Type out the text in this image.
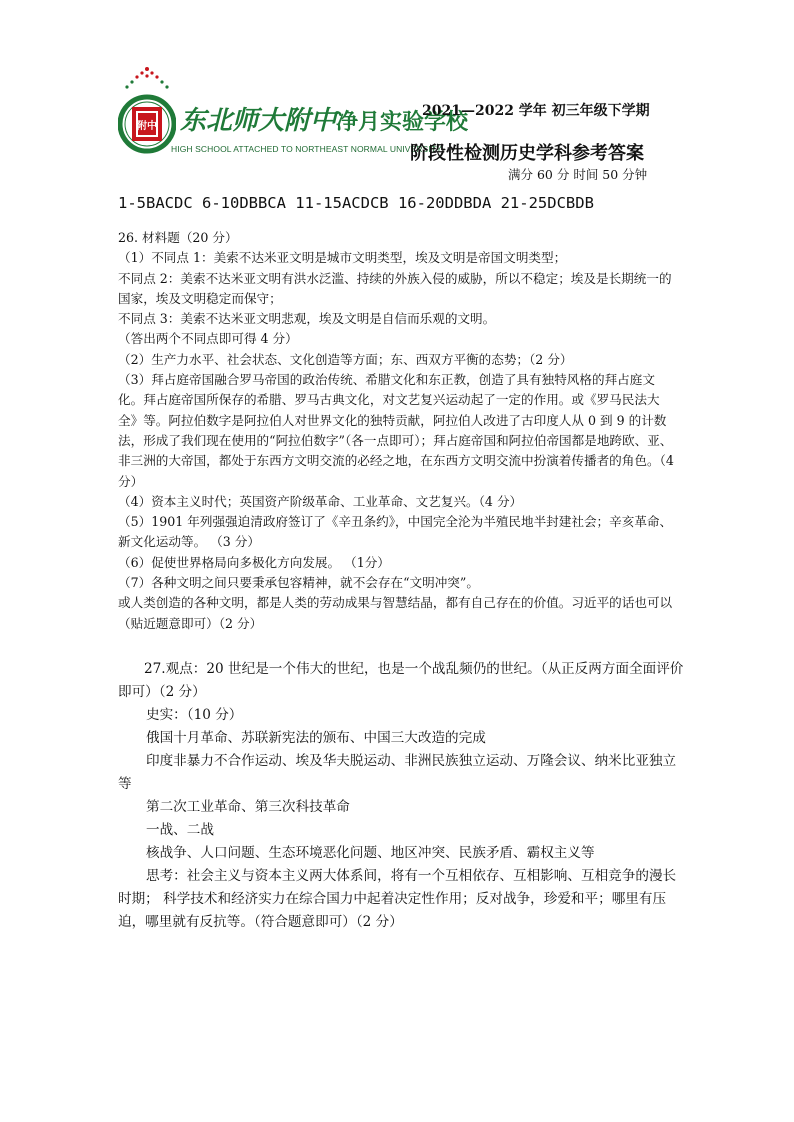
附中 东北师大附中净月实验学校
HIGH SCHOOL ATTACHED TO NORTHEAST NORMAL UNIVERSITY
2021—2022 学年 初三年级下学期
阶段性检测历史学科参考答案
满分 60 分 时间 50 分钟
1-5BACDC 6-10DBBCA 11-15ACDCB 16-20DDBDA 21-25DCBDB

26. 材料题（20 分）

（1）不同点 1：美索不达米亚文明是城市文明类型，埃及文明是帝国文明类型；

不同点 2：美索不达米亚文明有洪水泛滥、持续的外族入侵的威胁，所以不稳定；埃及是长期统一的国家，埃及文明稳定而保守；

不同点 3：美索不达米亚文明悲观，埃及文明是自信而乐观的文明。

（答出两个不同点即可得 4 分）

（2）生产力水平、社会状态、文化创造等方面；东、西双方平衡的态势；（2 分）

（3）拜占庭帝国融合罗马帝国的政治传统、希腊文化和东正教，创造了具有独特风格的拜占庭文化。拜占庭帝国所保存的希腊、罗马古典文化，对文艺复兴运动起了一定的作用。或《罗马民法大全》等。阿拉伯数字是阿拉伯人对世界文化的独特贡献，阿拉伯人改进了古印度人从 0 到 9 的计数法，形成了我们现在使用的“阿拉伯数字”（各一点即可）；拜占庭帝国和阿拉伯帝国都是地跨欧、亚、非三洲的大帝国，都处于东西方文明交流的必经之地，在东西方文明交流中扮演着传播者的角色。（4 分）

（4）资本主义时代；英国资产阶级革命、工业革命、文艺复兴。（4 分）

（5）1901 年列强强迫清政府签订了《辛丑条约》，中国完全沦为半殖民地半封建社会；辛亥革命、新文化运动等。 （3 分）

（6）促使世界格局向多极化方向发展。 （1分）

（7）各种文明之间只要秉承包容精神，就不会存在“文明冲突”。

或人类创造的各种文明，都是人类的劳动成果与智慧结晶，都有自己存在的价值。习近平的话也可以（贴近题意即可）（2 分）

27.观点：20 世纪是一个伟大的世纪，也是一个战乱频仍的世纪。（从正反两方面全面评价即可）（2 分）

史实：（10 分）

俄国十月革命、苏联新宪法的颁布、中国三大改造的完成

印度非暴力不合作运动、埃及华夫脱运动、非洲民族独立运动、万隆会议、纳米比亚独立等

第二次工业革命、第三次科技革命

一战、二战

核战争、人口问题、生态环境恶化问题、地区冲突、民族矛盾、霸权主义等

思考：社会主义与资本主义两大体系间，将有一个互相依存、互相影响、互相竞争的漫长时期； 科学技术和经济实力在综合国力中起着决定性作用；反对战争，珍爱和平；哪里有压迫，哪里就有反抗等。（符合题意即可）（2 分）
